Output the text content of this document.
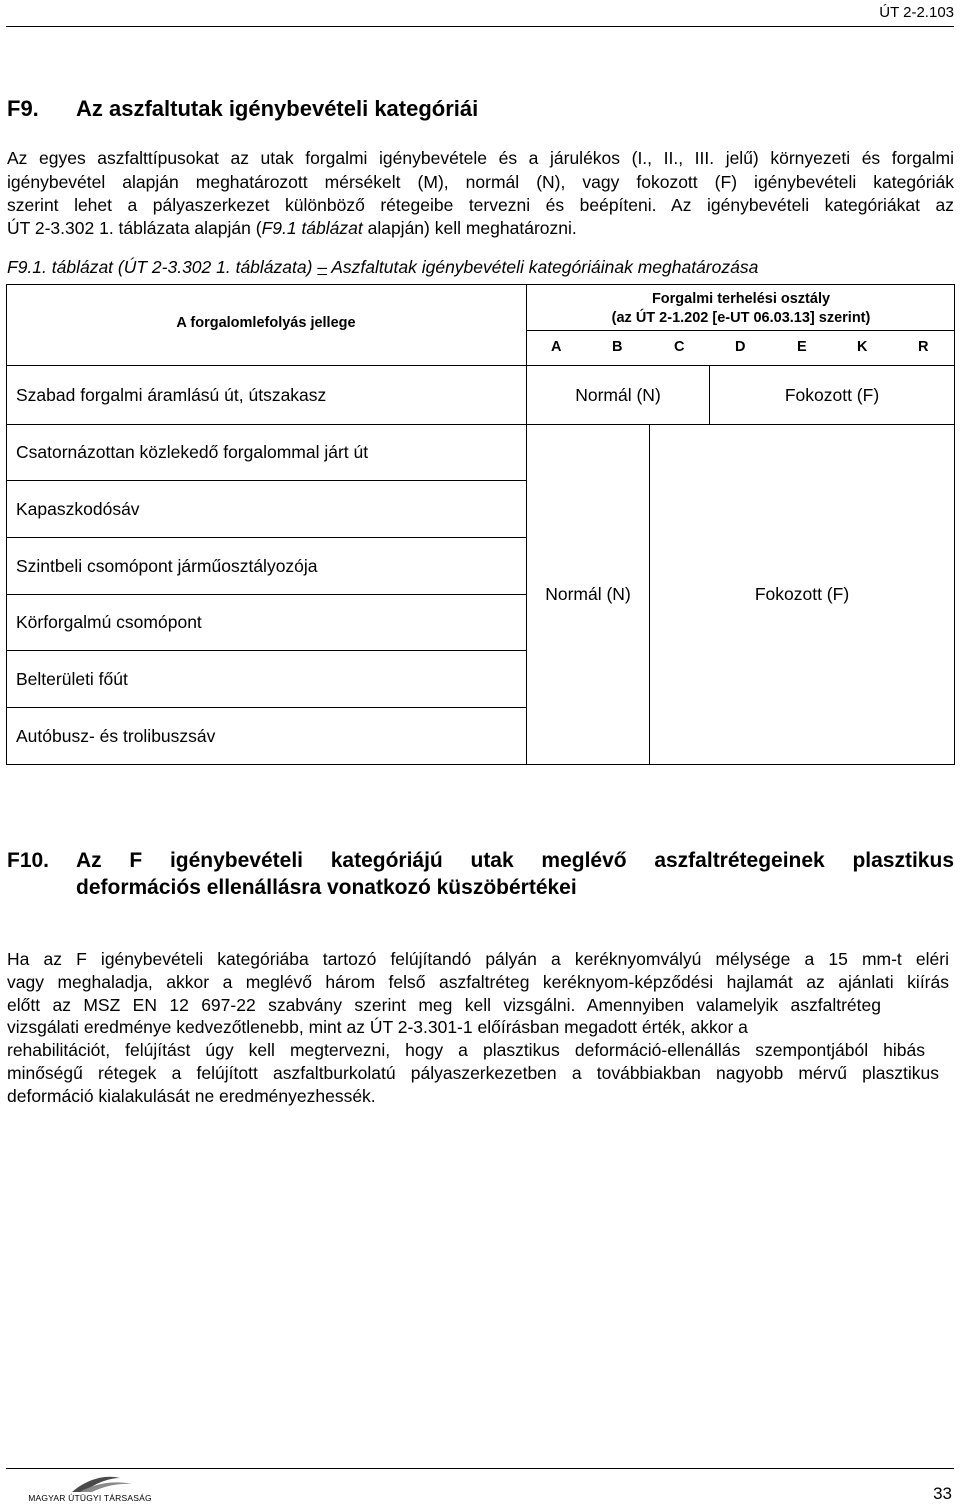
ÚT 2-2.103
F9. Az aszfaltutak igénybevételi kategóriái
Az egyes aszfalttípusokat az utak forgalmi igénybevétele és a járulékos (I., II., III. jelű) környezeti és forgalmi
igénybevétel alapján meghatározott mérsékelt (M), normál (N), vagy fokozott (F) igénybevételi kategóriák
szerint lehet a pályaszerkezet különböző rétegeibe tervezni és beépíteni. Az igénybevételi kategóriákat az
ÚT 2-3.302 1. táblázata alapján (F9.1 táblázat alapján) kell meghatározni.
F9.1. táblázat (ÚT 2-3.302 1. táblázata) – Aszfaltutak igénybevételi kategóriáinak meghatározása
A forgalomlefolyás jellege
Forgalmi terhelési osztály
(az ÚT 2-1.202 [e-UT 06.03.13] szerint)
A	B	C	D	E	K	R
Szabad forgalmi áramlású út, útszakasz	Normál (N)	Fokozott (F)
Csatornázottan közlekedő forgalommal járt út
Kapaszkodósáv
Szintbeli csomópont járműosztályozója
Körforgalmú csomópont
Belterületi főút
Autóbusz- és trolibuszsáv
Normál (N)	Fokozott (F)
F10. Az F igénybevételi kategóriájú utak meglévő aszfaltrétegeinek plasztikus
deformációs ellenállásra vonatkozó küszöbértékei
Ha az F igénybevételi kategóriába tartozó felújítandó pályán a keréknyomvályú mélysége a 15 mm-t eléri
vagy meghaladja, akkor a meglévő három felső aszfaltréteg keréknyom-képződési hajlamát az ajánlati kiírás
előtt az MSZ EN 12 697-22 szabvány szerint meg kell vizsgálni. Amennyiben valamelyik aszfaltréteg
vizsgálati eredménye kedvezőtlenebb, mint az ÚT 2-3.301-1 előírásban megadott érték, akkor a
rehabilitációt, felújítást úgy kell megtervezni, hogy a plasztikus deformáció-ellenállás szempontjából hibás
minőségű rétegek a felújított aszfaltburkolatú pályaszerkezetben a továbbiakban nagyobb mérvű plasztikus
deformáció kialakulását ne eredményezhessék.
MAGYAR ÚTÜGYI TÁRSASÁG	33
